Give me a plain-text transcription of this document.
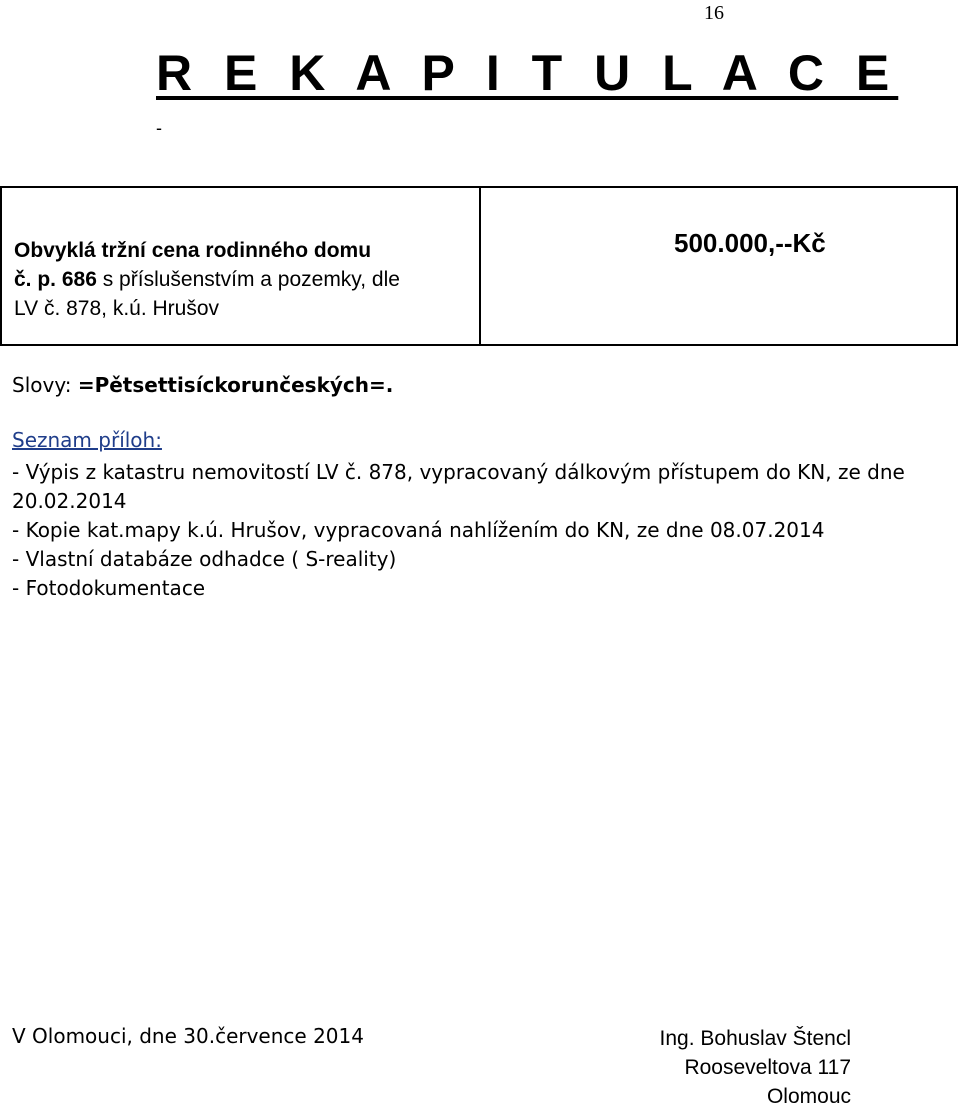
16
R E K A P I T U L A C E
-
Obvyklá tržní cena rodinného domu
č. p. 686 s příslušenstvím a pozemky, dle
LV č. 878, k.ú. Hrušov
500.000,--Kč
Slovy: =Pětsettisíckorunčeských=.
Seznam příloh:
- Výpis z katastru nemovitostí LV č. 878, vypracovaný dálkovým přístupem do KN, ze dne
20.02.2014
- Kopie kat.mapy k.ú. Hrušov, vypracovaná nahlížením do KN, ze dne 08.07.2014
- Vlastní databáze odhadce ( S-reality)
- Fotodokumentace
V Olomouci, dne 30.července 2014	Ing. Bohuslav Štencl
Rooseveltova 117
Olomouc
